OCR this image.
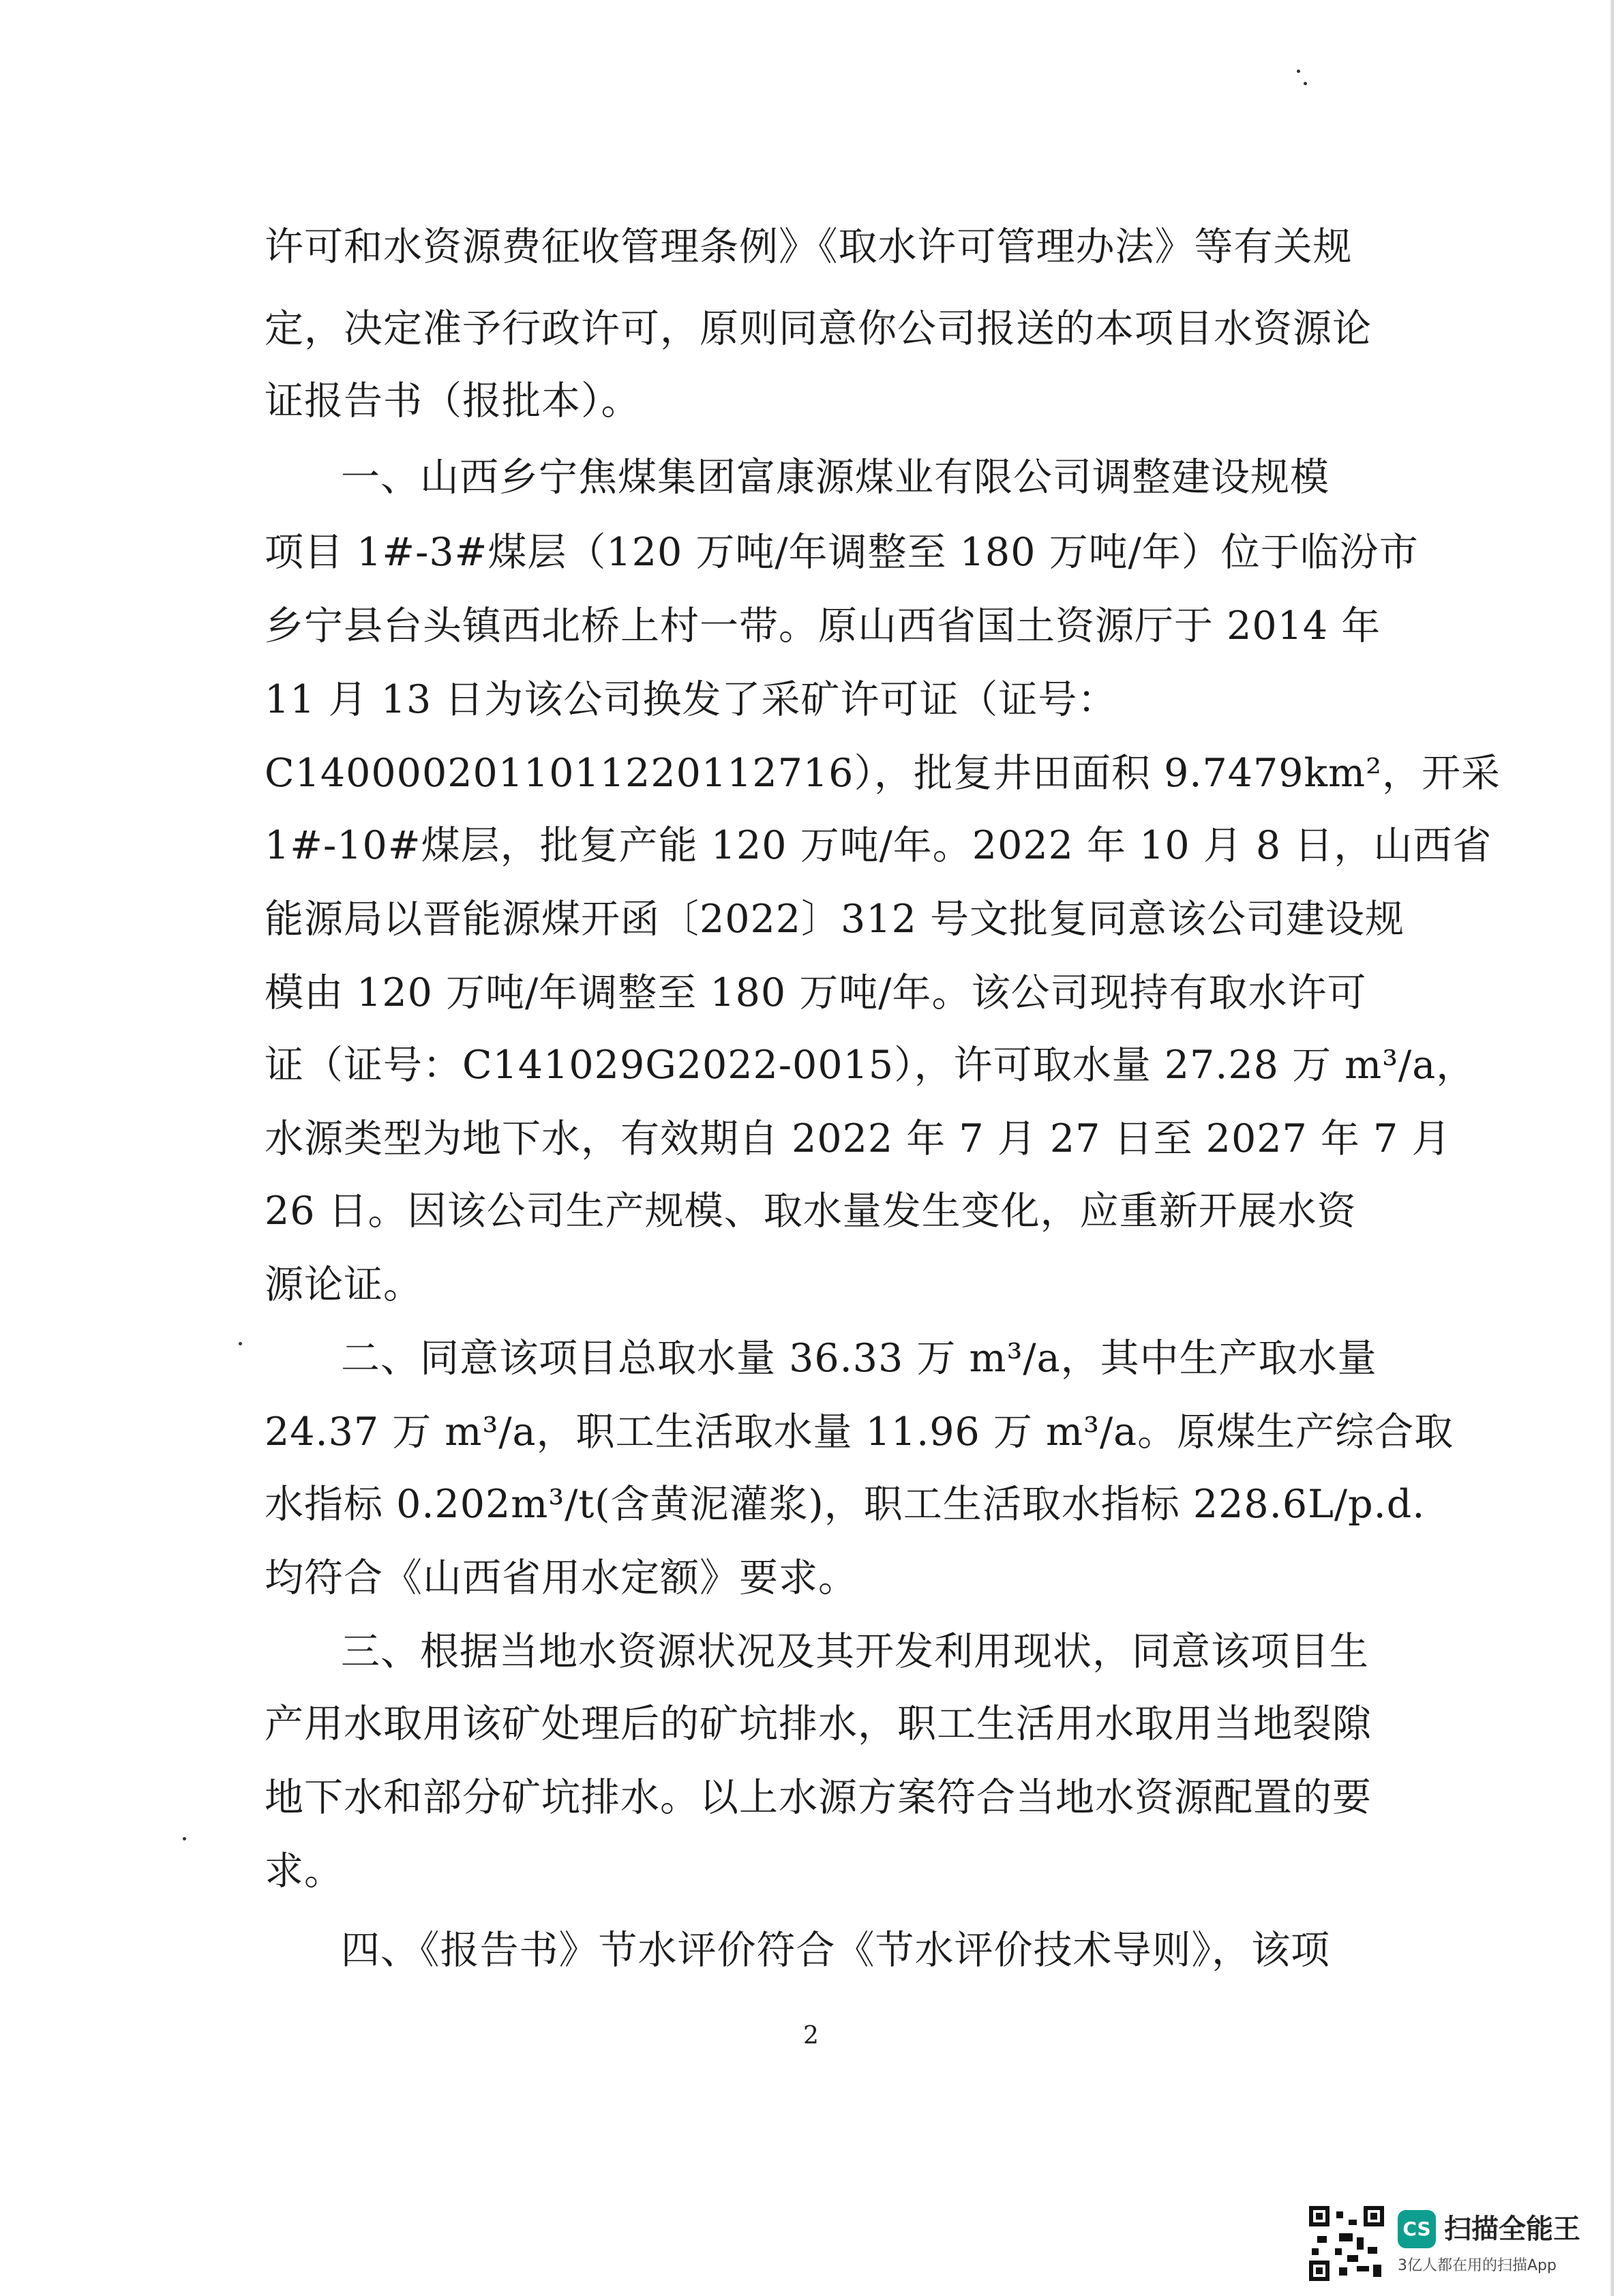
许可和水资源费征收管理条例》《取水许可管理办法》等有关规
定，决定准予行政许可，原则同意你公司报送的本项目水资源论
证报告书（报批本）。
一、山西乡宁焦煤集团富康源煤业有限公司调整建设规模
项目 1#-3#煤层（120 万吨/年调整至 180 万吨/年）位于临汾市
乡宁县台头镇西北桥上村一带。原山西省国土资源厅于 2014 年
11 月 13 日为该公司换发了采矿许可证（证号：
C1400002011011220112716），批复井田面积 9.7479km²，开采
1#-10#煤层，批复产能 120 万吨/年。2022 年 10 月 8 日，山西省
能源局以晋能源煤开函〔2022〕312 号文批复同意该公司建设规
模由 120 万吨/年调整至 180 万吨/年。该公司现持有取水许可
证（证号：C141029G2022-0015），许可取水量 27.28 万 m³/a，
水源类型为地下水，有效期自 2022 年 7 月 27 日至 2027 年 7 月
26 日。因该公司生产规模、取水量发生变化，应重新开展水资
源论证。
二、同意该项目总取水量 36.33 万 m³/a，其中生产取水量
24.37 万 m³/a，职工生活取水量 11.96 万 m³/a。原煤生产综合取
水指标 0.202m³/t(含黄泥灌浆)，职工生活取水指标 228.6L/p.d.
均符合《山西省用水定额》要求。
三、根据当地水资源状况及其开发利用现状，同意该项目生
产用水取用该矿处理后的矿坑排水，职工生活用水取用当地裂隙
地下水和部分矿坑排水。以上水源方案符合当地水资源配置的要
求。
四、《报告书》节水评价符合《节水评价技术导则》，该项
2
CS 扫描全能王
3亿人都在用的扫描App
